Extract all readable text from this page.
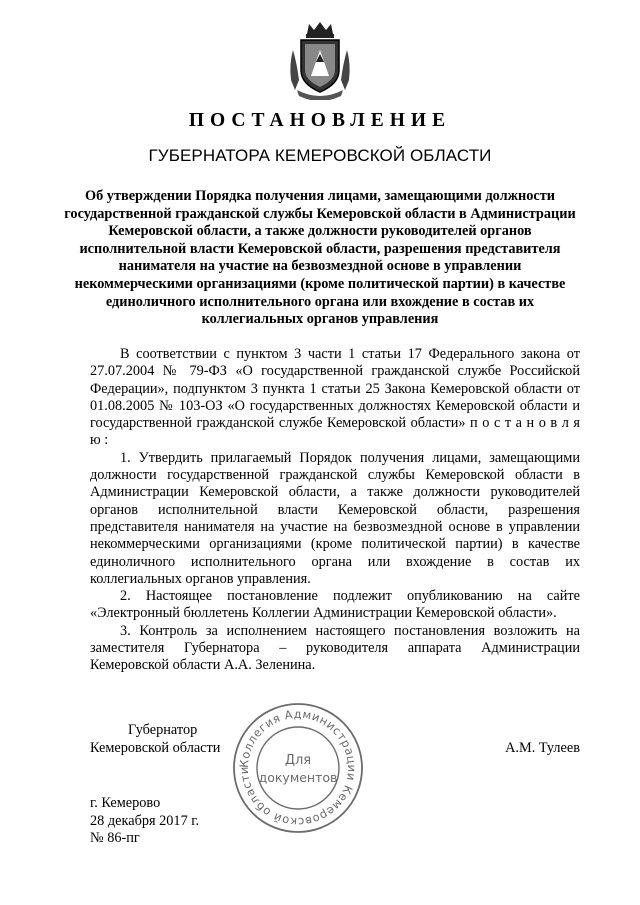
ПОСТАНОВЛЕНИЕ
ГУБЕРНАТОРА КЕМЕРОВСКОЙ ОБЛАСТИ
Об утверждении Порядка получения лицами, замещающими должности государственной гражданской службы Кемеровской области в Администрации Кемеровской области, а также должности руководителей органов исполнительной власти Кемеровской области, разрешения представителя нанимателя на участие на безвозмездной основе в управлении некоммерческими организациями (кроме политической партии) в качестве единоличного исполнительного органа или вхождение в состав их коллегиальных органов управления

В соответствии с пунктом 3 части 1 статьи 17 Федерального закона от 27.07.2004 № 79-ФЗ «О государственной гражданской службе Российской Федерации», подпунктом 3 пункта 1 статьи 25 Закона Кемеровской области от 01.08.2005 № 103-ОЗ «О государственных должностях Кемеровской области и государственной гражданской службе Кемеровской области» п о с т а н о в л я ю :

1. Утвердить прилагаемый Порядок получения лицами, замещающими должности государственной гражданской службы Кемеровской области в Администрации Кемеровской области, а также должности руководителей органов исполнительной власти Кемеровской области, разрешения представителя нанимателя на участие на безвозмездной основе в управлении некоммерческими организациями (кроме политической партии) в качестве единоличного исполнительного органа или вхождение в состав их коллегиальных органов управления.

2. Настоящее постановление подлежит опубликованию на сайте «Электронный бюллетень Коллегии Администрации Кемеровской области».

3. Контроль за исполнением настоящего постановления возложить на заместителя Губернатора – руководителя аппарата Администрации Кемеровской области А.А. Зеленина.

Губернатор
Кемеровской области
Коллегия Администрации Кемеровской области
Для
документов
А.М. Тулеев
г. Кемерово
28 декабря 2017 г.
№ 86-пг
